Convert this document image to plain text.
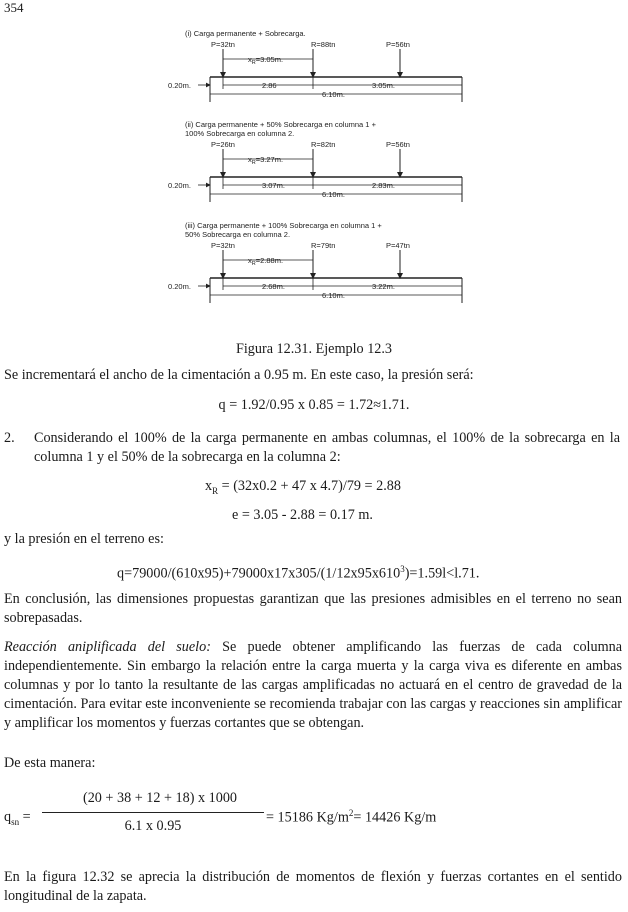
354
(i) Carga permanente + Sobrecarga.
P=32tn	R=88tn	P=56tn
$x_R=3.05m$.
0.20m.	2.86	3.05m.
6.10m.
(ii) Carga permanente + 50% Sobrecarga en columna 1 +
100% Sobrecarga en columna 2.
P=26tn	R=82tn	P=56tn
$x_R=3.27m$.
0.20m.	3.07m.	2.83m.
6.10m.
(iii) Carga permanente + 100% Sobrecarga en columna 1 +
50% Sobrecarga en columna 2.
P=32tn	R=79tn	P=47tn
$x_R=2.88m$.
0.20m.	2.68m.	3.22m.
6.10m.
Figura 12.31. Ejemplo 12.3
Se incrementará el ancho de la cimentación a 0.95 m. En este caso, la presión será:
q = 1.92/0.95 x 0.85 = 1.72≈1.71.
2.	Considerando el 100% de la carga permanente en ambas columnas, el 100% de la sobrecarga en la columna 1 y el 50% de la sobrecarga en la columna 2:
$x_R = (32x0.2 + 47$ x 4.7)/79 = 2.88
e = 3.05 - 2.88 = 0.17 m.
y la presión en el terreno es:
$q=79000/(610x95)+79000x17x305/(1/12x95x610^3)=1.59l<l.71$.
En conclusión, las dimensiones propuestas garantizan que las presiones admisibles en el terreno no sean sobrepasadas.
Reacción aniplificada del suelo: Se puede obtener amplificando las fuerzas de cada columna independientemente. Sin embargo la relación entre la carga muerta y la carga viva es diferente en ambas columnas y por lo tanto la resultante de las cargas amplificadas no actuará en el centro de gravedad de la cimentación. Para evitar este inconveniente se recomienda trabajar con las cargas y reacciones sin amplificar y amplificar los momentos y fuerzas cortantes que se obtengan.
De esta manera:
$q_{sn}$ =
(20 + 38 + 12 + 18) x 1000
6.1 x 0.95
= 15186 $Kg/m^2= 14426$ Kg/m
En la figura 12.32 se aprecia la distribución de momentos de flexión y fuerzas cortantes en el sentido longitudinal de la zapata.
